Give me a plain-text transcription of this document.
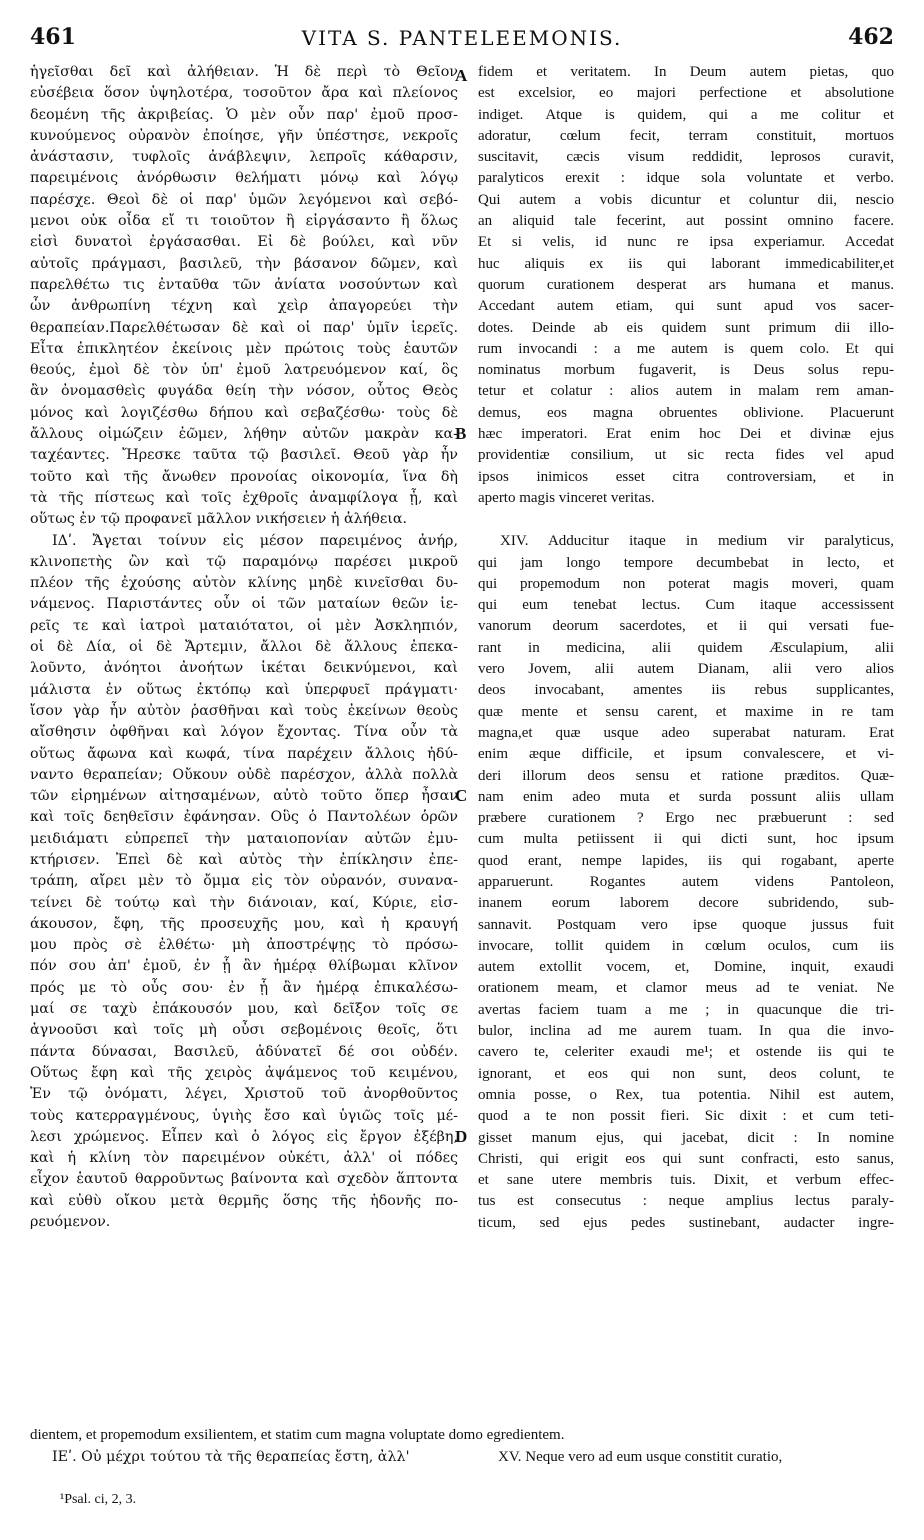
461	VITA S. PANTELEEMONIS.	462
ἡγεῖσθαι δεῖ καὶ ἀλήθειαν. Ἡ δὲ περὶ τὸ Θεῖον
εὐσέβεια ὅσον ὑψηλοτέρα, τοσοῦτον ἄρα καὶ πλείονος
δεομένη τῆς ἀκριβείας. Ὁ μὲν οὖν παρ' ἐμοῦ προσ-
κυνούμενος οὐρανὸν ἐποίησε, γῆν ὑπέστησε, νεκροῖς
ἀνάστασιν, τυφλοῖς ἀνάβλεψιν, λεπροῖς κάθαρσιν,
παρειμένοις ἀνόρθωσιν θελήματι μόνῳ καὶ λόγῳ
παρέσχε. Θεοὶ δὲ οἱ παρ' ὑμῶν λεγόμενοι καὶ σεβό-
μενοι οὐκ οἶδα εἴ τι τοιοῦτον ἢ εἰργάσαντο ἢ ὅλως
εἰσὶ δυνατοὶ ἐργάσασθαι. Εἰ δὲ βούλει, καὶ νῦν
αὐτοῖς πράγμασι, βασιλεῦ, τὴν βάσανον δῶμεν, καὶ
παρελθέτω τις ἐνταῦθα τῶν ἀνίατα νοσούντων καὶ
ὧν ἀνθρωπίνη τέχνη καὶ χεὶρ ἀπαγορεύει τὴν
θεραπείαν.Παρελθέτωσαν δὲ καὶ οἱ παρ' ὑμῖν ἱερεῖς.
Εἶτα ἐπικλητέον ἐκείνοις μὲν πρώτοις τοὺς ἑαυτῶν
θεούς, ἐμοὶ δὲ τὸν ὑπ' ἐμοῦ λατρευόμενον καί, ὃς
ἂν ὀνομασθεὶς φυγάδα θείη τὴν νόσον, οὗτος Θεὸς
μόνος καὶ λογιζέσθω δήπου καὶ σεβαζέσθω· τοὺς δὲ
ἄλλους οἰμώζειν ἐῶμεν, λήθην αὐτῶν μακρὰν κα-
ταχέαντες. Ἤρεσκε ταῦτα τῷ βασιλεῖ. Θεοῦ γὰρ ἦν
τοῦτο καὶ τῆς ἄνωθεν προνοίας οἰκονομία, ἵνα δὴ
τὰ τῆς πίστεως καὶ τοῖς ἐχθροῖς ἀναμφίλογα ᾖ, καὶ
οὕτως ἐν τῷ προφανεῖ μᾶλλον νικήσειεν ἡ ἀλήθεια.
ΙΔʹ. Ἄγεται τοίνυν εἰς μέσον παρειμένος ἀνήρ,
κλινοπετὴς ὢν καὶ τῷ παραμόνῳ παρέσει μικροῦ
πλέον τῆς ἐχούσης αὐτὸν κλίνης μηδὲ κινεῖσθαι δυ-
νάμενος. Παριστάντες οὖν οἱ τῶν ματαίων θεῶν ἱε-
ρεῖς τε καὶ ἰατροὶ ματαιότατοι, οἱ μὲν Ἀσκληπιόν,
οἱ δὲ Δία, οἱ δὲ Ἄρτεμιν, ἄλλοι δὲ ἄλλους ἐπεκα-
λοῦντο, ἀνόητοι ἀνοήτων ἱκέται δεικνύμενοι, καὶ
μάλιστα ἐν οὕτως ἐκτόπῳ καὶ ὑπερφυεῖ πράγματι·
ἴσον γὰρ ἦν αὐτὸν ῥασθῆναι καὶ τοὺς ἐκείνων θεοὺς
αἴσθησιν ὀφθῆναι καὶ λόγον ἔχοντας. Τίνα οὖν τὰ
οὕτως ἄφωνα καὶ κωφά, τίνα παρέχειν ἄλλοις ἠδύ-
ναντο θεραπείαν; Οὔκουν οὐδὲ παρέσχον, ἀλλὰ πολλὰ
τῶν εἰρημένων αἰτησαμένων, αὐτὸ τοῦτο ὅπερ ἦσαν
καὶ τοῖς δεηθεῖσιν ἐφάνησαν. Οὓς ὁ Παντολέων ὁρῶν
μειδιάματι εὐπρεπεῖ τὴν ματαιοπονίαν αὐτῶν ἐμυ-
κτήρισεν. Ἐπεὶ δὲ καὶ αὐτὸς τὴν ἐπίκλησιν ἐπε-
τράπη, αἴρει μὲν τὸ ὄμμα εἰς τὸν οὐρανόν, συνανα-
τείνει δὲ τούτῳ καὶ τὴν διάνοιαν, καί, Κύριε, εἰσ-
άκουσον, ἔφη, τῆς προσευχῆς μου, καὶ ἡ κραυγή
μου πρὸς σὲ ἐλθέτω· μὴ ἀποστρέψῃς τὸ πρόσω-
πόν σου ἀπ' ἐμοῦ, ἐν ᾗ ἂν ἡμέρᾳ θλίβωμαι κλῖνον
πρός με τὸ οὖς σου· ἐν ᾗ ἂν ἡμέρᾳ ἐπικαλέσω-
μαί σε ταχὺ ἐπάκουσόν μου, καὶ δεῖξον τοῖς σε
ἀγνοοῦσι καὶ τοῖς μὴ οὖσι σεβομένοις θεοῖς, ὅτι
πάντα δύνασαι, Βασιλεῦ, ἀδύνατεῖ δέ σοι οὐδέν.
Οὕτως ἔφη καὶ τῆς χειρὸς ἀψάμενος τοῦ κειμένου,
Ἐν τῷ ὀνόματι, λέγει, Χριστοῦ τοῦ ἀνορθοῦντος
τοὺς κατερραγμένους, ὑγιὴς ἔσο καὶ ὑγιῶς τοῖς μέ-
λεσι χρώμενος. Εἶπεν καὶ ὁ λόγος εἰς ἔργον ἐξέβη,
καὶ ἡ κλίνη τὸν παρειμένον οὐκέτι, ἀλλ' οἱ πόδες
εἶχον ἑαυτοῦ θαρροῦντως βαίνοντα καὶ σχεδὸν ἅπτοντα
καὶ εὐθὺ οἴκου μετὰ θερμῆς ὅσης τῆς ἡδονῆς πο-
ρευόμενον.
fidem et veritatem. In Deum autem pietas, quo
est excelsior, eo majori perfectione et absolutione
indiget. Atque is quidem, qui a me colitur et
adoratur, cœlum fecit, terram constituit, mortuos
suscitavit, cæcis visum reddidit, leprosos curavit,
paralyticos erexit : idque sola voluntate et verbo.
Qui autem a vobis dicuntur et coluntur dii, nescio
an aliquid tale fecerint, aut possint omnino facere.
Et si velis, id nunc re ipsa experiamur. Accedat
huc aliquis ex iis qui laborant immedicabiliter,et
quorum curationem desperat ars humana et manus.
Accedant autem etiam, qui sunt apud vos sacer-
dotes. Deinde ab eis quidem sunt primum dii illo-
rum invocandi : a me autem is quem colo. Et qui
nominatus morbum fugaverit, is Deus solus repu-
tetur et colatur : alios autem in malam rem aman-
demus, eos magna obruentes oblivione. Placuerunt
hæc imperatori. Erat enim hoc Dei et divinæ ejus
providentiæ consilium, ut sic recta fides vel apud
ipsos inimicos esset citra controversiam, et in
aperto magis vinceret veritas.
XIV. Adducitur itaque in medium vir paralyticus,
qui jam longo tempore decumbebat in lecto, et
qui propemodum non poterat magis moveri, quam
qui eum tenebat lectus. Cum itaque accessissent
vanorum deorum sacerdotes, et ii qui versati fue-
rant in medicina, alii quidem Æsculapium, alii
vero Jovem, alii autem Dianam, alii vero alios
deos invocabant, amentes iis rebus supplicantes,
quæ mente et sensu carent, et maxime in re tam
magna,et quæ usque adeo superabat naturam. Erat
enim æque difficile, et ipsum convalescere, et vi-
deri illorum deos sensu et ratione præditos. Quæ-
nam enim adeo muta et surda possunt aliis ullam
præbere curationem ? Ergo nec præbuerunt : sed
cum multa petiissent ii qui dicti sunt, hoc ipsum
quod erant, nempe lapides, iis qui rogabant, aperte
apparuerunt. Rogantes autem videns Pantoleon,
inanem eorum laborem decore subridendo, sub-
sannavit. Postquam vero ipse quoque jussus fuit
invocare, tollit quidem in cœlum oculos, cum iis
autem extollit vocem, et, Domine, inquit, exaudi
orationem meam, et clamor meus ad te veniat. Ne
avertas faciem tuam a me ; in quacunque die tri-
bulor, inclina ad me aurem tuam. In qua die invo-
cavero te, celeriter exaudi me¹; et ostende iis qui te
ignorant, et eos qui non sunt, deos colunt, te
omnia posse, o Rex, tua potentia. Nihil est autem,
quod a te non possit fieri. Sic dixit : et cum teti-
gisset manum ejus, qui jacebat, dicit : In nomine
Christi, qui erigit eos qui sunt confracti, esto sanus,
et sane utere membris tuis. Dixit, et verbum effec-
tus est consecutus : neque amplius lectus paraly-
ticum, sed ejus pedes sustinebant, audacter ingre-
A
B
C
D
dientem, et propemodum exsilientem, et statim cum magna voluptate domo egredientem.
ΙΕʹ. Οὐ μέχρι τούτου τὰ τῆς θεραπείας ἔστη, ἀλλ'	XV. Neque vero ad eum usque constitit curatio,
¹Psal. ci, 2, 3.
